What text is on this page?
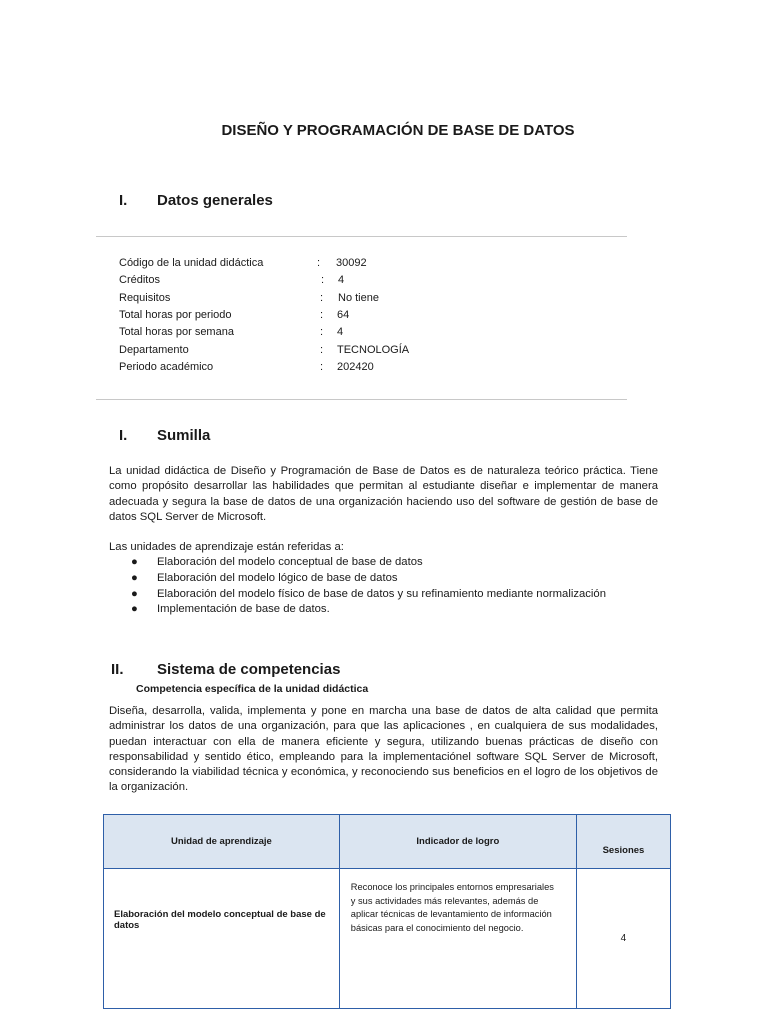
DISEÑO Y PROGRAMACIÓN DE BASE DE DATOS
I. Datos generales
Código de la unidad didáctica	: 30092
Créditos	: 4
Requisitos	: No tiene
Total horas por periodo	: 64
Total horas por semana	: 4
Departamento	: TECNOLOGÍA
Periodo académico	: 202420
I. Sumilla
La unidad didáctica de Diseño y Programación de Base de Datos es de naturaleza teórico práctica. Tiene como propósito desarrollar las habilidades que permitan al estudiante diseñar e implementar de manera adecuada y segura la base de datos de una organización haciendo uso del software de gestión de base de datos SQL Server de Microsoft.
Las unidades de aprendizaje están referidas a:
● Elaboración del modelo conceptual de base de datos
● Elaboración del modelo lógico de base de datos
● Elaboración del modelo físico de base de datos y su refinamiento mediante normalización
● Implementación de base de datos.
II. Sistema de competencias
Competencia específica de la unidad didáctica
Diseña, desarrolla, valida, implementa y pone en marcha una base de datos de alta calidad que permita administrar los datos de una organización, para que las aplicaciones , en cualquiera de sus modalidades, puedan interactuar con ella de manera eficiente y segura, utilizando buenas prácticas de diseño con responsabilidad y sentido ético, empleando para la implementaciónel software SQL Server de Microsoft, considerando la viabilidad técnica y económica, y reconociendo sus beneficios en el logro de los objetivos de la organización.
Unidad de aprendizaje	Indicador de logro	Sesiones
Elaboración del modelo conceptual de base de datos	Reconoce los principales entornos empresariales y sus actividades más relevantes, además de aplicar técnicas de levantamiento de información básicas para el conocimiento del negocio.	4
